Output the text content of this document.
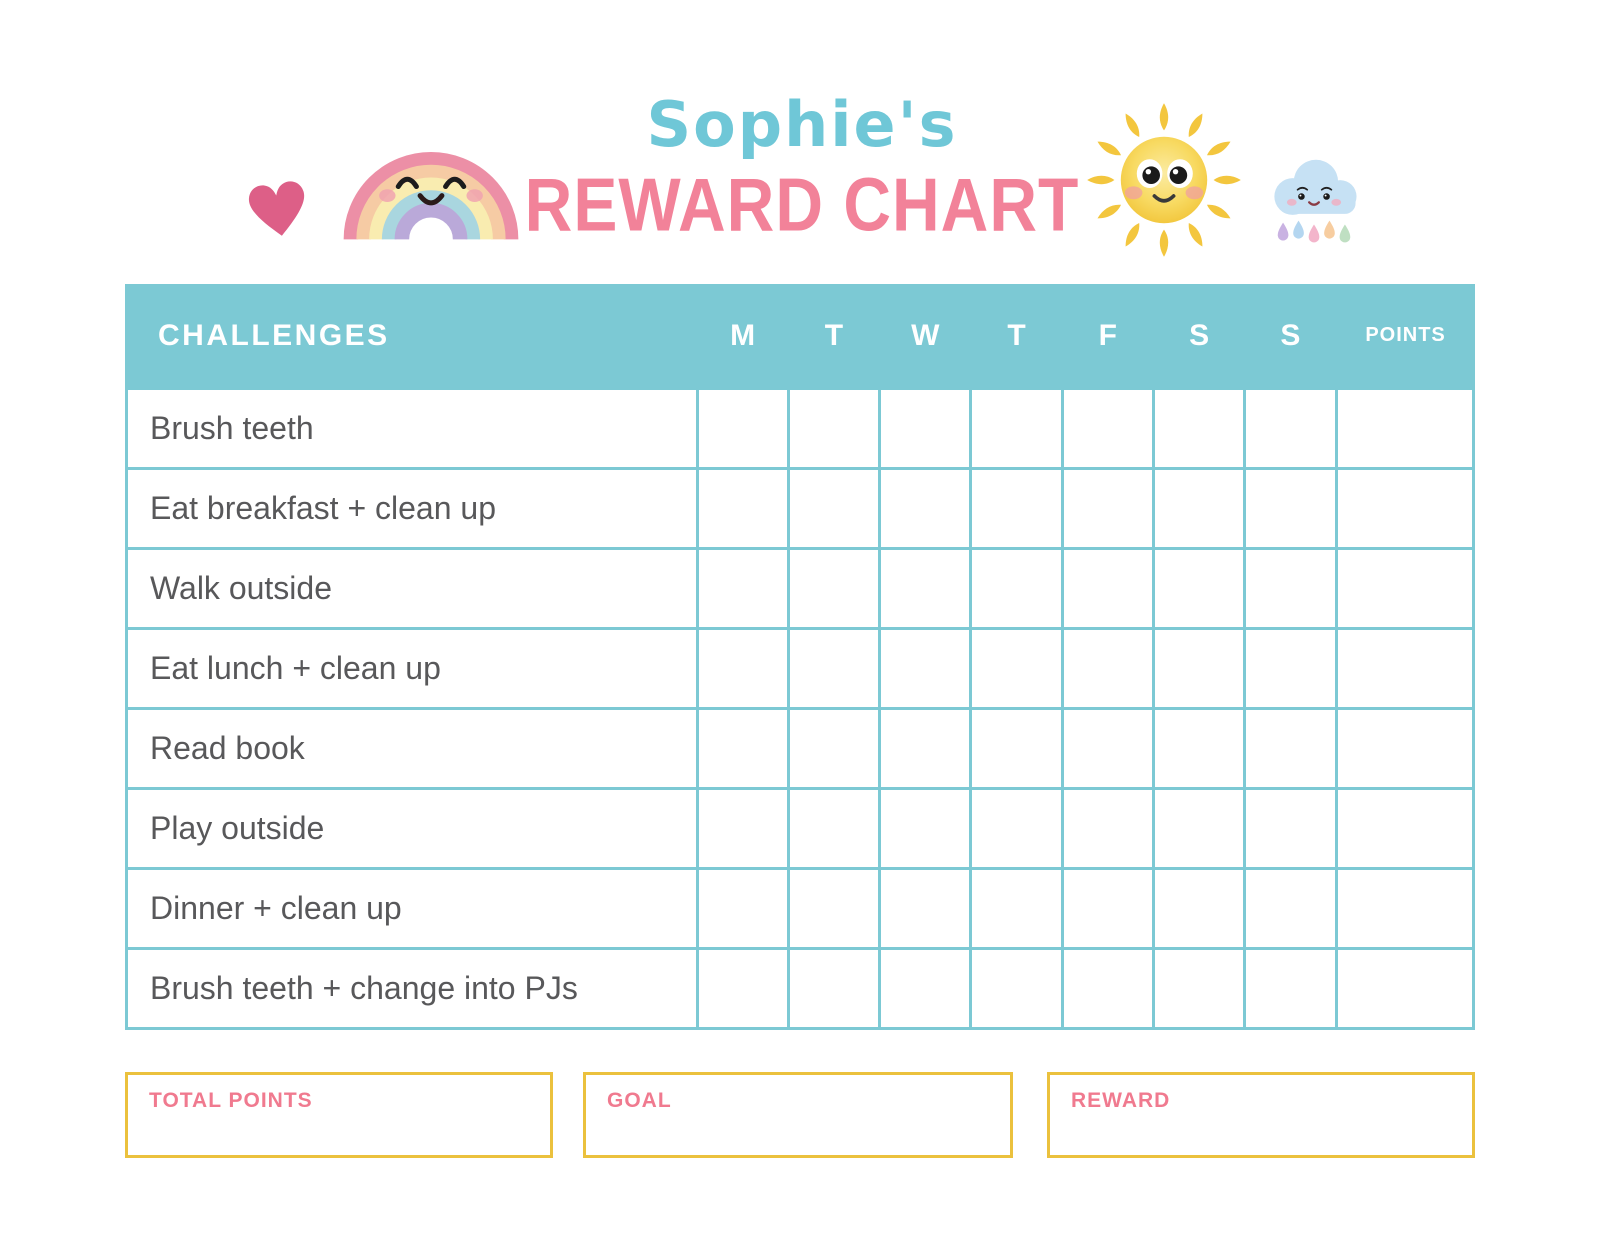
Sophie's
REWARD CHART
CHALLENGES	M	T	W	T	F	S	S	POINTS
Brush teeth
Eat breakfast + clean up
Walk outside
Eat lunch + clean up
Read book
Play outside
Dinner + clean up
Brush teeth + change into PJs
TOTAL POINTS	GOAL	REWARD
